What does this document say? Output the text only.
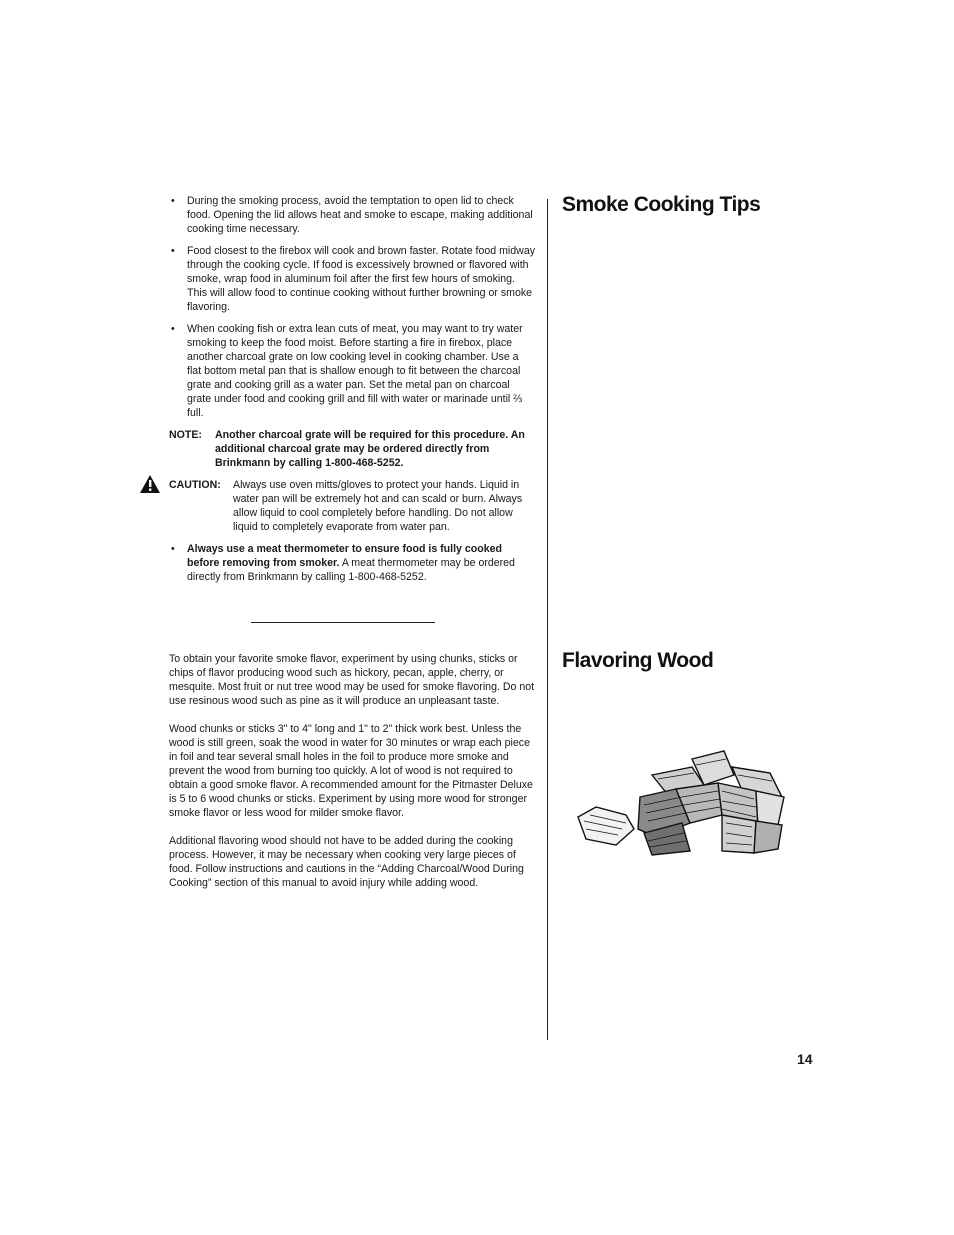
• During the smoking process, avoid the temptation to open lid to check food. Opening the lid allows heat and smoke to escape, making additional cooking time necessary.
• Food closest to the firebox will cook and brown faster. Rotate food midway through the cooking cycle. If food is excessively browned or flavored with smoke, wrap food in aluminum foil after the first few hours of smoking. This will allow food to continue cooking without further browning or smoke flavoring.
• When cooking fish or extra lean cuts of meat, you may want to try water smoking to keep the food moist. Before starting a fire in firebox, place another charcoal grate on low cooking level in cooking chamber. Use a flat bottom metal pan that is shallow enough to fit between the charcoal grate and cooking grill as a water pan. Set the metal pan on charcoal grate under food and cooking grill and fill with water or marinade until ⅔ full.
NOTE:	Another charcoal grate will be required for this procedure. An additional charcoal grate may be ordered directly from Brinkmann by calling 1-800-468-5252.
CAUTION:	Always use oven mitts/gloves to protect your hands. Liquid in water pan will be extremely hot and can scald or burn. Always allow liquid to cool completely before handling. Do not allow liquid to completely evaporate from water pan.
• Always use a meat thermometer to ensure food is fully cooked before removing from smoker. A meat thermometer may be ordered directly from Brinkmann by calling 1-800-468-5252.

To obtain your favorite smoke flavor, experiment by using chunks, sticks or chips of flavor producing wood such as hickory, pecan, apple, cherry, or mesquite. Most fruit or nut tree wood may be used for smoke flavoring. Do not use resinous wood such as pine as it will produce an unpleasant taste.

Wood chunks or sticks 3" to 4" long and 1" to 2" thick work best. Unless the wood is still green, soak the wood in water for 30 minutes or wrap each piece in foil and tear several small holes in the foil to produce more smoke and prevent the wood from burning too quickly. A lot of wood is not required to obtain a good smoke flavor. A recommended amount for the Pitmaster Deluxe is 5 to 6 wood chunks or sticks. Experiment by using more wood for stronger smoke flavor or less wood for milder smoke flavor.

Additional flavoring wood should not have to be added during the cooking process. However, it may be necessary when cooking very large pieces of food. Follow instructions and cautions in the “Adding Charcoal/Wood During Cooking” section of this manual to avoid injury while adding wood.

Smoke Cooking Tips
Flavoring Wood
14
